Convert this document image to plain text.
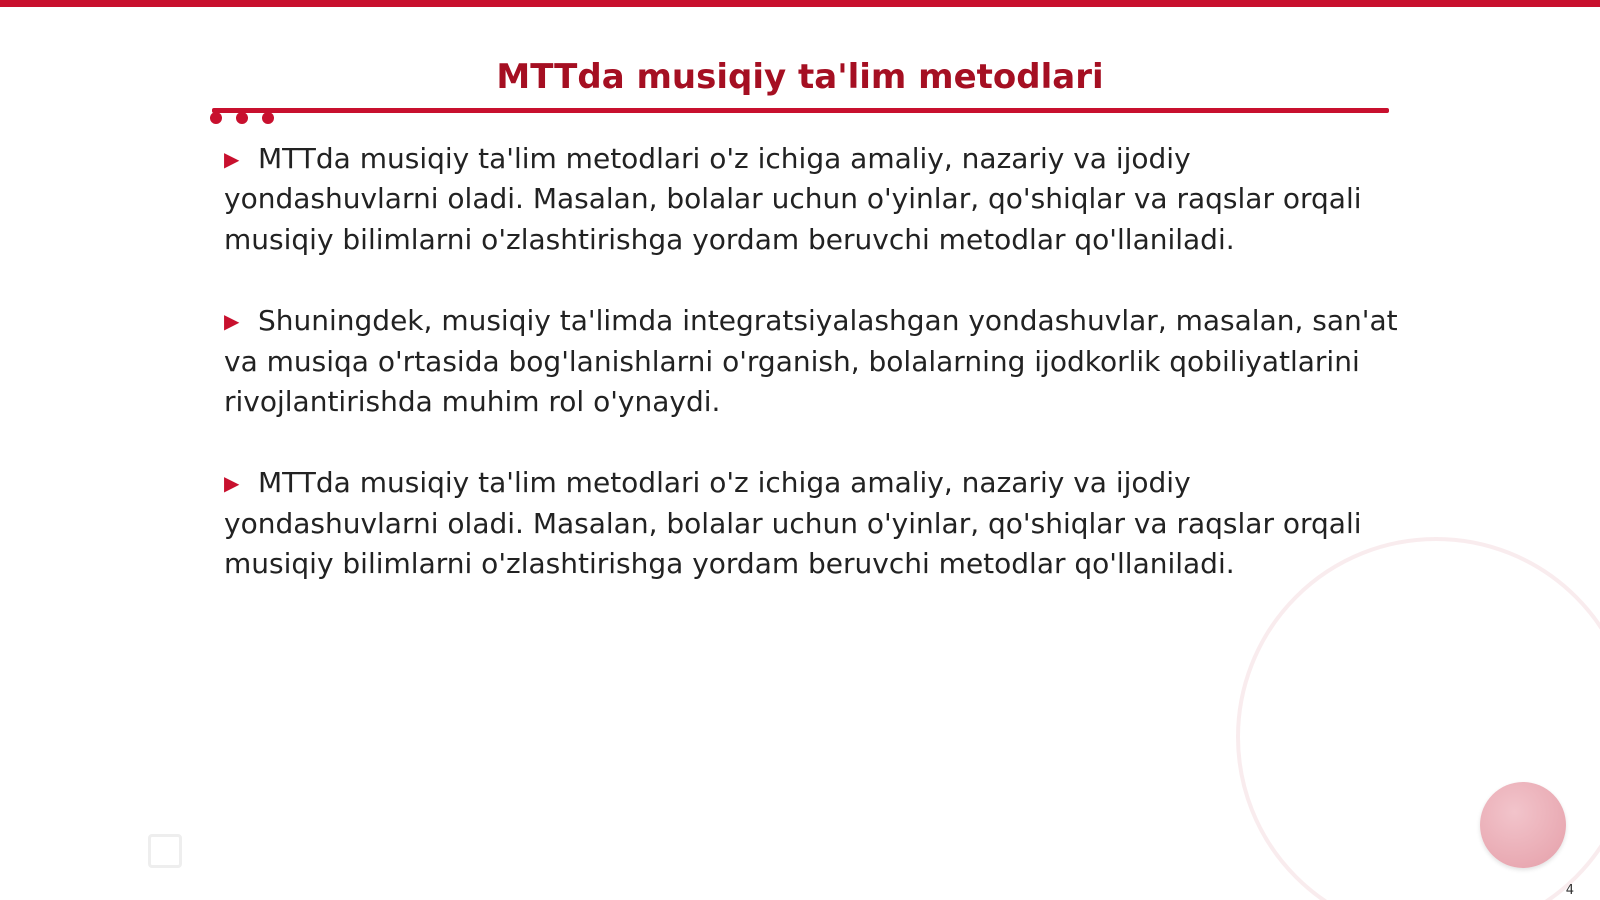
MTTda musiqiy ta'lim metodlari
▶ MTTda musiqiy ta'lim metodlari o'z ichiga amaliy, nazariy va ijodiy yondashuvlarni oladi. Masalan, bolalar uchun o'yinlar, qo'shiqlar va raqslar orqali musiqiy bilimlarni o'zlashtirishga yordam beruvchi metodlar qo'llaniladi.
▶ Shuningdek, musiqiy ta'limda integratsiyalashgan yondashuvlar, masalan, san'at va musiqa o'rtasida bog'lanishlarni o'rganish, bolalarning ijodkorlik qobiliyatlarini rivojlantirishda muhim rol o'ynaydi.
▶ MTTda musiqiy ta'lim metodlari o'z ichiga amaliy, nazariy va ijodiy yondashuvlarni oladi. Masalan, bolalar uchun o'yinlar, qo'shiqlar va raqslar orqali musiqiy bilimlarni o'zlashtirishga yordam beruvchi metodlar qo'llaniladi.
4
